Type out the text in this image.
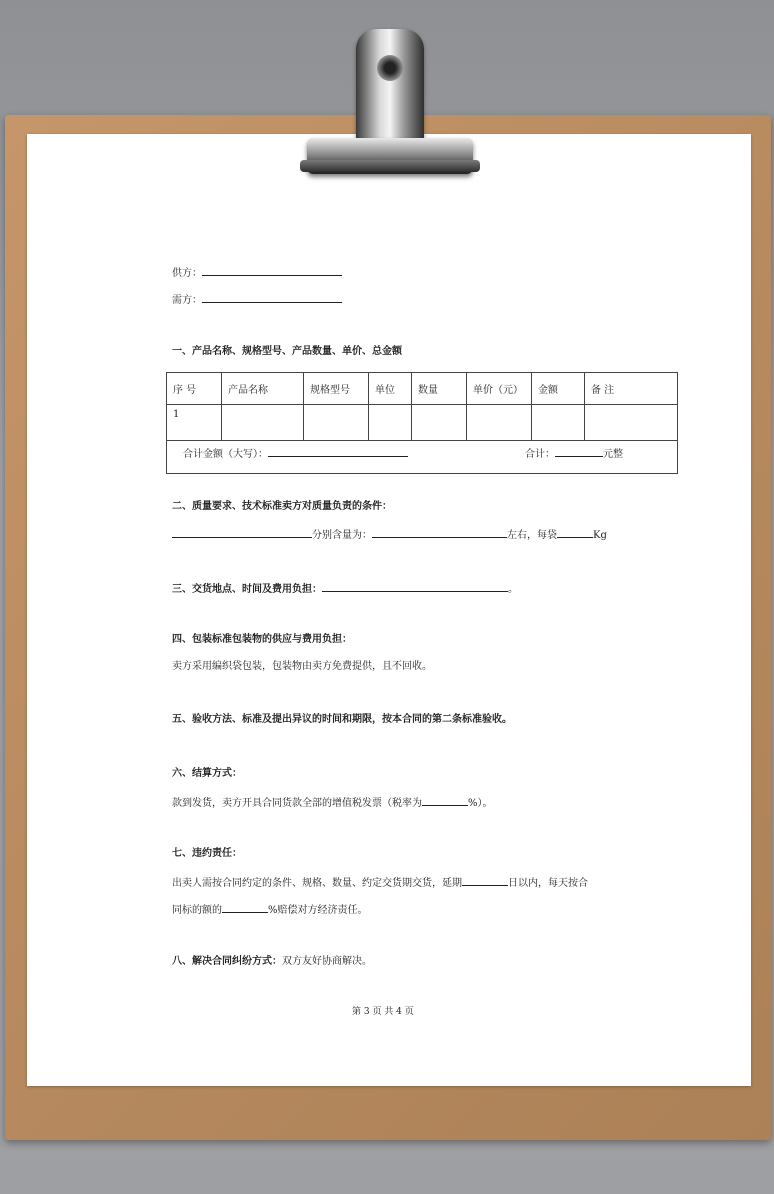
供方：
需方：
一、产品名称、规格型号、产品数量、单价、总金额
序 号	产品名称	规格型号	单位	数量	单价（元）	金额	备 注
1							

合计金额（大写）： 合计： 元整							
二、质量要求、技术标准卖方对质量负责的条件：
分别含量为：	左右，每袋	Kg
三、交货地点、时间及费用负担：	。
四、包装标准包装物的供应与费用负担：
卖方采用编织袋包装，包装物由卖方免费提供，且不回收。
五、验收方法、标准及提出异议的时间和期限，按本合同的第二条标准验收。
六、结算方式：
款到发货，卖方开具合同货款全部的增值税发票（税率为	%）。
七、违约责任：
出卖人需按合同约定的条件、规格、数量、约定交货期交货，延期	日以内，每天按合
同标的额的	%赔偿对方经济责任。
八、解决合同纠纷方式：双方友好协商解决。
第 3 页 共 4 页
